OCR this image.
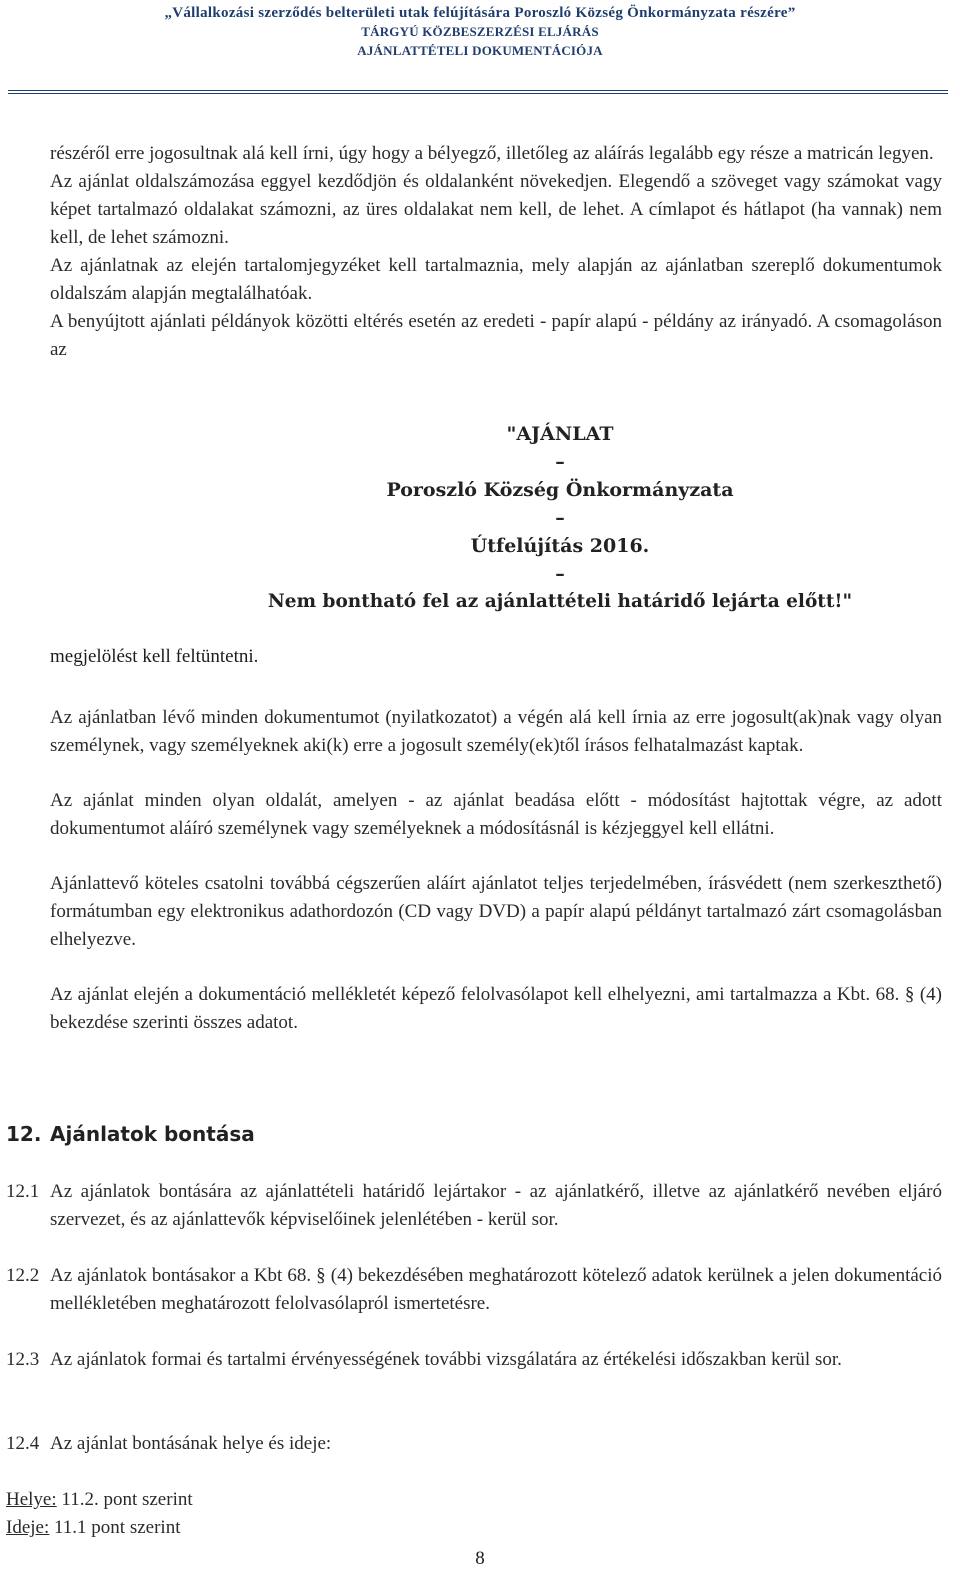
„Vállalkozási szerződés belterületi utak felújítására Poroszló Község Önkormányzata részére”
TÁRGYÚ KÖZBESZERZÉSI ELJÁRÁS
AJÁNLATTÉTELI DOKUMENTÁCIÓJA

részéről erre jogosultnak alá kell írni, úgy hogy a bélyegző, illetőleg az aláírás legalább egy része a matricán legyen.

Az ajánlat oldalszámozása eggyel kezdődjön és oldalanként növekedjen. Elegendő a szöveget vagy számokat vagy képet tartalmazó oldalakat számozni, az üres oldalakat nem kell, de lehet. A címlapot és hátlapot (ha vannak) nem kell, de lehet számozni.

Az ajánlatnak az elején tartalomjegyzéket kell tartalmaznia, mely alapján az ajánlatban szereplő dokumentumok oldalszám alapján megtalálhatóak.

A benyújtott ajánlati példányok közötti eltérés esetén az eredeti - papír alapú - példány az irányadó. A csomagoláson az

"AJÁNLAT
–
Poroszló Község Önkormányzata
–
Útfelújítás 2016.
–
Nem bontható fel az ajánlattételi határidő lejárta előtt!"
megjelölést kell feltüntetni.

Az ajánlatban lévő minden dokumentumot (nyilatkozatot) a végén alá kell írnia az erre jogosult(ak)nak vagy olyan személynek, vagy személyeknek aki(k) erre a jogosult személy(ek)től írásos felhatalmazást kaptak.

Az ajánlat minden olyan oldalát, amelyen - az ajánlat beadása előtt - módosítást hajtottak végre, az adott dokumentumot aláíró személynek vagy személyeknek a módosításnál is kézjeggyel kell ellátni.

Ajánlattevő köteles csatolni továbbá cégszerűen aláírt ajánlatot teljes terjedelmében, írásvédett (nem szerkeszthető) formátumban egy elektronikus adathordozón (CD vagy DVD) a papír alapú példányt tartalmazó zárt csomagolásban elhelyezve.

Az ajánlat elején a dokumentáció mellékletét képező felolvasólapot kell elhelyezni, ami tartalmazza a Kbt. 68. § (4) bekezdése szerinti összes adatot.

12. Ajánlatok bontása
12.1 Az ajánlatok bontására az ajánlattételi határidő lejártakor - az ajánlatkérő, illetve az ajánlatkérő nevében eljáró szervezet, és az ajánlattevők képviselőinek jelenlétében - kerül sor.
12.2 Az ajánlatok bontásakor a Kbt 68. § (4) bekezdésében meghatározott kötelező adatok kerülnek a jelen dokumentáció mellékletében meghatározott felolvasólapról ismertetésre.
12.3 Az ajánlatok formai és tartalmi érvényességének további vizsgálatára az értékelési időszakban kerül sor.
12.4 Az ajánlat bontásának helye és ideje:
Helye: 11.2. pont szerint
Ideje: 11.1 pont szerint
8
